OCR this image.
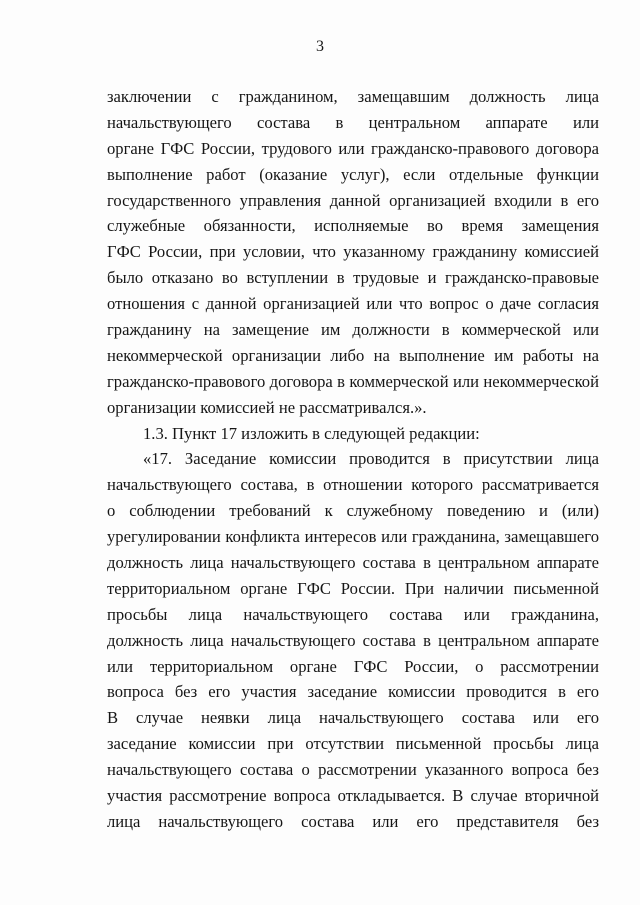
3
заключении с гражданином, замещавшим должность лица
начальствующего состава в центральном аппарате или
органе ГФС России, трудового или гражданско-правового договора
выполнение работ (оказание услуг), если отдельные функции
государственного управления данной организацией входили в его
служебные обязанности, исполняемые во время замещения
ГФС России, при условии, что указанному гражданину комиссией
было отказано во вступлении в трудовые и гражданско-правовые
отношения с данной организацией или что вопрос о даче согласия
гражданину на замещение им должности в коммерческой или
некоммерческой организации либо на выполнение им работы на
гражданско-правового договора в коммерческой или некоммерческой
организации комиссией не рассматривался.».
1.3. Пункт 17 изложить в следующей редакции:
«17. Заседание комиссии проводится в присутствии лица
начальствующего состава, в отношении которого рассматривается
о соблюдении требований к служебному поведению и (или)
урегулировании конфликта интересов или гражданина, замещавшего
должность лица начальствующего состава в центральном аппарате
территориальном органе ГФС России. При наличии письменной
просьбы лица начальствующего состава или гражданина,
должность лица начальствующего состава в центральном аппарате
или территориальном органе ГФС России, о рассмотрении
вопроса без его участия заседание комиссии проводится в его
В случае неявки лица начальствующего состава или его
заседание комиссии при отсутствии письменной просьбы лица
начальствующего состава о рассмотрении указанного вопроса без
участия рассмотрение вопроса откладывается. В случае вторичной
лица начальствующего состава или его представителя без
